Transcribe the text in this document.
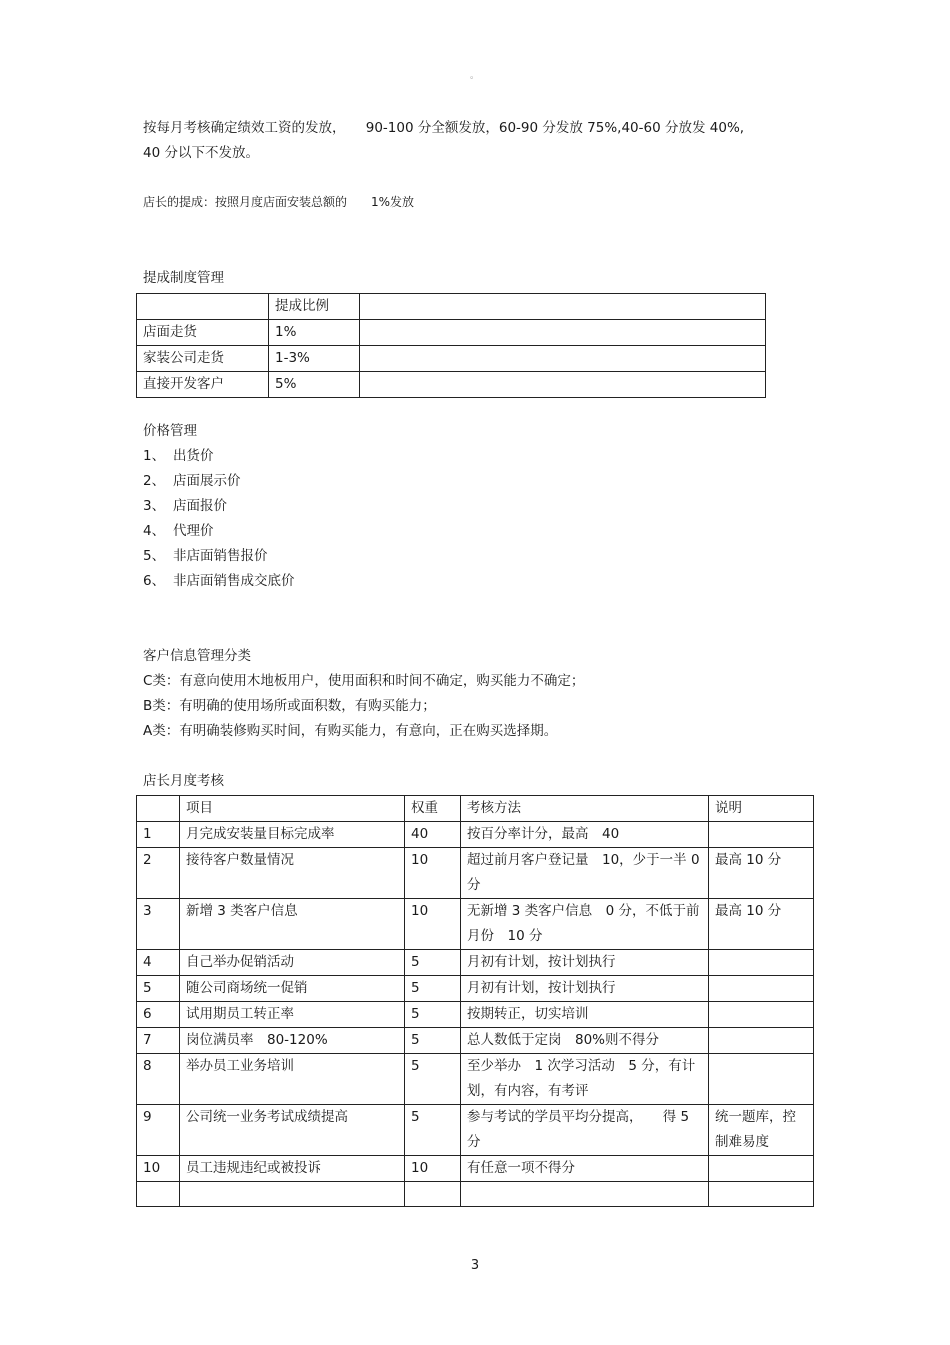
。
按每月考核确定绩效工资的发放，　　90-100 分全额发放，60-90 分发放 75%,40-60 分放发 40%,
40 分以下不发放。
店长的提成：按照月度店面安装总额的　　1%发放
提成制度管理
	提成比例	
店面走货	1%	
家装公司走货	1-3%	
直接开发客户	5%	
价格管理
1、 出货价
2、 店面展示价
3、 店面报价
4、 代理价
5、 非店面销售报价
6、 非店面销售成交底价
客户信息管理分类
C类：有意向使用木地板用户，使用面积和时间不确定，购买能力不确定；
B类：有明确的使用场所或面积数，有购买能力；
A类：有明确装修购买时间，有购买能力，有意向，正在购买选择期。
店长月度考核
	项目	权重	考核方法	说明
1	月完成安装量目标完成率	40	按百分率计分，最高　40	
2	接待客户数量情况	10	超过前月客户登记量　10，少于一半 0 分	最高 10 分
3	新增 3 类客户信息	10	无新增 3 类客户信息　0 分，不低于前月份　10 分	最高 10 分
4	自己举办促销活动	5	月初有计划，按计划执行	
5	随公司商场统一促销	5	月初有计划，按计划执行	
6	试用期员工转正率	5	按期转正，切实培训	
7	岗位满员率　80-120%	5	总人数低于定岗　80%则不得分	
8	举办员工业务培训	5	至少举办　1 次学习活动　5 分，有计划，有内容，有考评	
9	公司统一业务考试成绩提高	5	参与考试的学员平均分提高，　　得 5 分	统一题库，控制难易度
10	员工违规违纪或被投诉	10	有任意一项不得分	

3
